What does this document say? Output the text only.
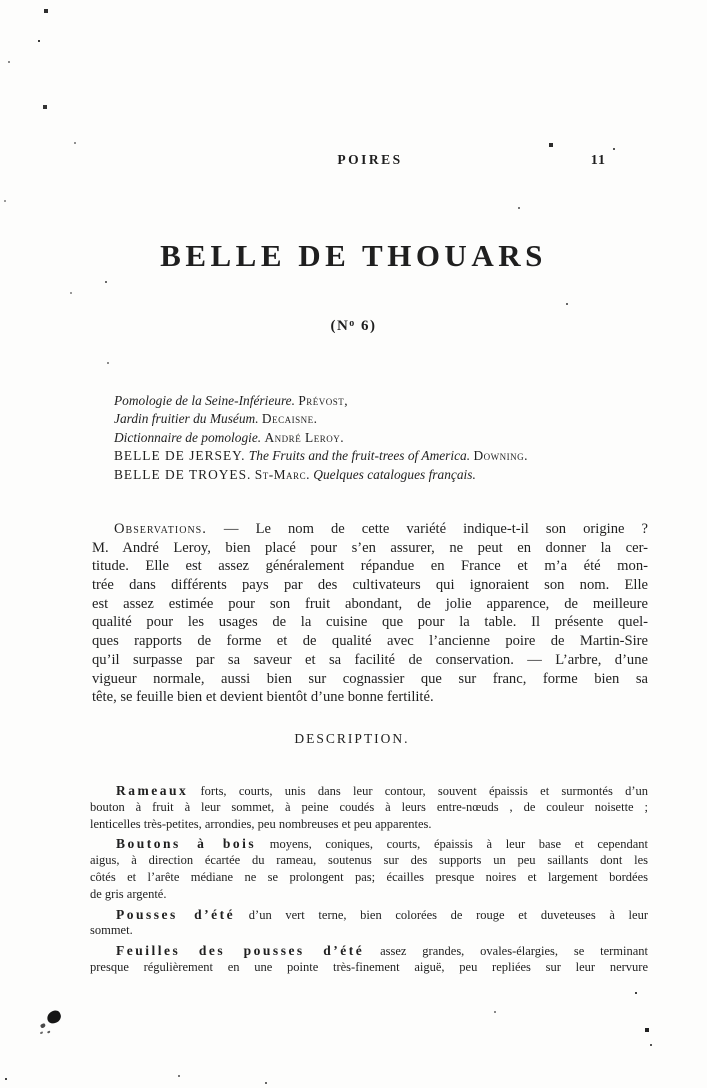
POIRES	11
BELLE DE THOUARS
($N^o$ 6)
Pomologie de la Seine-Inférieure. Prévost,
Jardin fruitier du Muséum. Decaisne.
Dictionnaire de pomologie. André Leroy.
BELLE DE JERSEY. The Fruits and the fruit-trees of America. Downing.
BELLE DE TROYES. St-Marc. Quelques catalogues français.
Observations. — Le nom de cette variété indique-t-il son origine ?
M. André Leroy, bien placé pour s’en assurer, ne peut en donner la cer-
titude. Elle est assez généralement répandue en France et m’a été mon-
trée dans différents pays par des cultivateurs qui ignoraient son nom. Elle
est assez estimée pour son fruit abondant, de jolie apparence, de meilleure
qualité pour les usages de la cuisine que pour la table. Il présente quel-
ques rapports de forme et de qualité avec l’ancienne poire de Martin-Sire
qu’il surpasse par sa saveur et sa facilité de conservation. — L’arbre, d’une
vigueur normale, aussi bien sur cognassier que sur franc, forme bien sa
tête, se feuille bien et devient bientôt d’une bonne fertilité.
DESCRIPTION.
Rameaux forts, courts, unis dans leur contour, souvent épaissis et surmontés d’un
bouton à fruit à leur sommet, à peine coudés à leurs entre-nœuds , de couleur noisette ;
lenticelles très-petites, arrondies, peu nombreuses et peu apparentes.
Boutons à bois moyens, coniques, courts, épaissis à leur base et cependant
aigus, à direction écartée du rameau, soutenus sur des supports un peu saillants dont les
côtés et l’arête médiane ne se prolongent pas; écailles presque noires et largement bordées
de gris argenté.
Pousses d’été d’un vert terne, bien colorées de rouge et duveteuses à leur
sommet.
Feuilles des pousses d’été assez grandes, ovales-élargies, se terminant
presque régulièrement en une pointe très-finement aiguë, peu repliées sur leur nervure
